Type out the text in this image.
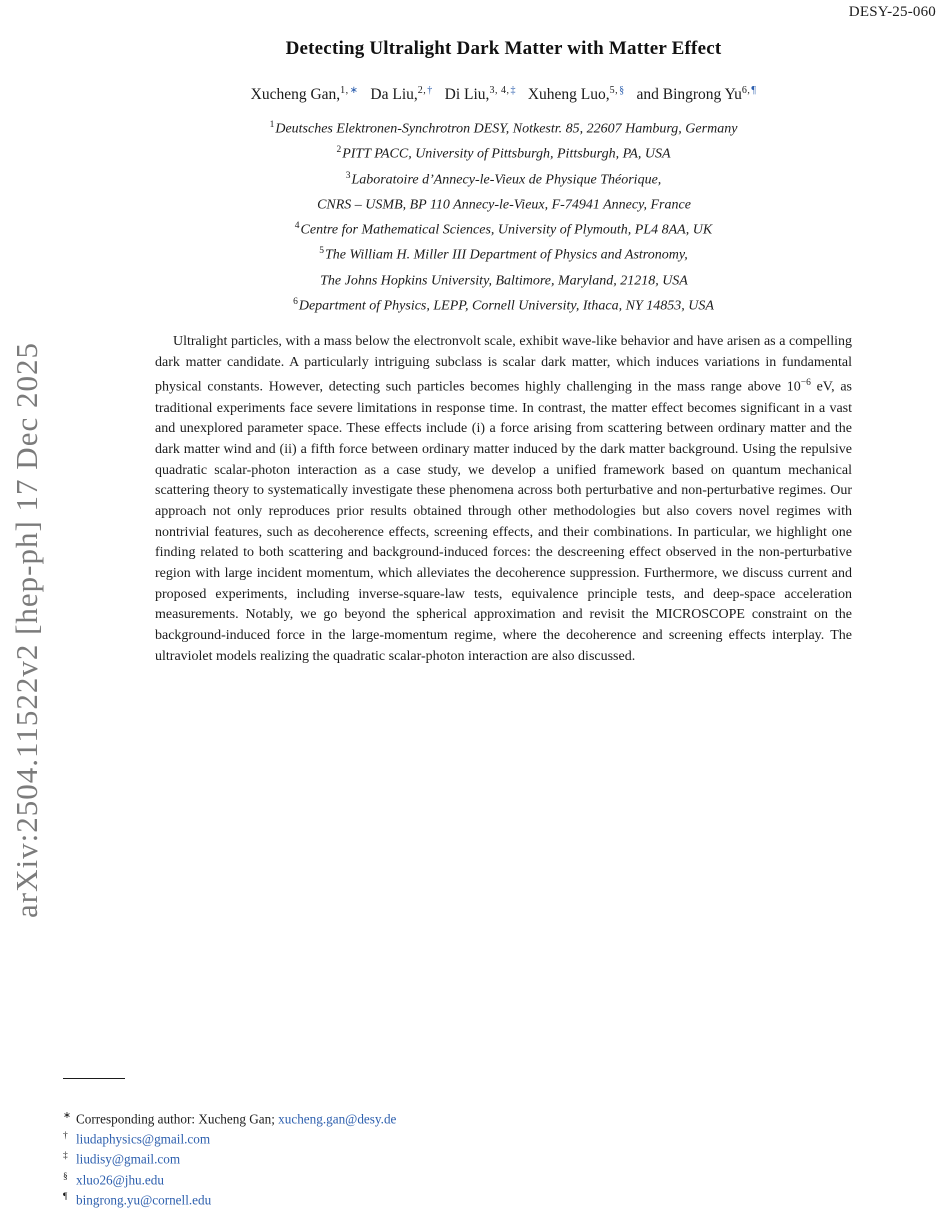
DESY-25-060
arXiv:2504.11522v2 [hep-ph] 17 Dec 2025
Detecting Ultralight Dark Matter with Matter Effect
Xucheng Gan,$^{1,∗}$ Da Liu,$^{2,\dagger}$ Di Liu,$^{3, 4,\ddagger}$ Xuheng Luo,$^{5,\S}$ and Bingrong $Yu^{6,\P}$
$^1$Deutsches Elektronen-Synchrotron DESY, Notkestr. 85, 22607 Hamburg, Germany
$^2$PITT PACC, University of Pittsburgh, Pittsburgh, PA, USA
$^3$Laboratoire d’Annecy-le-Vieux de Physique Théorique,
CNRS – USMB, BP 110 Annecy-le-Vieux, F-74941 Annecy, France
$^4$Centre for Mathematical Sciences, University of Plymouth, PL4 8AA, UK
$^5$The William H. Miller III Department of Physics and Astronomy,
The Johns Hopkins University, Baltimore, Maryland, 21218, USA
$^6$Department of Physics, LEPP, Cornell University, Ithaca, NY 14853, USA
Ultralight particles, with a mass below the electronvolt scale, exhibit wave-like behavior and have arisen as a compelling dark matter candidate. A particularly intriguing subclass is scalar dark matter, which induces variations in fundamental physical constants. However, detecting such particles becomes highly challenging in the mass range above $10^{-6}$ eV, as traditional experiments face severe limitations in response time. In contrast, the matter effect becomes significant in a vast and unexplored parameter space. These effects include (i) a force arising from scattering between ordinary matter and the dark matter wind and (ii) a fifth force between ordinary matter induced by the dark matter background. Using the repulsive quadratic scalar-photon interaction as a case study, we develop a unified framework based on quantum mechanical scattering theory to systematically investigate these phenomena across both perturbative and non-perturbative regimes. Our approach not only reproduces prior results obtained through other methodologies but also covers novel regimes with nontrivial features, such as decoherence effects, screening effects, and their combinations. In particular, we highlight one finding related to both scattering and background-induced forces: the descreening effect observed in the non-perturbative region with large incident momentum, which alleviates the decoherence suppression. Furthermore, we discuss current and proposed experiments, including inverse-square-law tests, equivalence principle tests, and deep-space acceleration measurements. Notably, we go beyond the spherical approximation and revisit the MICROSCOPE constraint on the background-induced force in the large-momentum regime, where the decoherence and screening effects interplay. The ultraviolet models realizing the quadratic scalar-photon interaction are also discussed.
∗ Corresponding author: Xucheng Gan; xucheng.gan@desy.de
† liudaphysics@gmail.com
‡ liudisy@gmail.com
§ xluo26@jhu.edu
¶ bingrong.yu@cornell.edu
